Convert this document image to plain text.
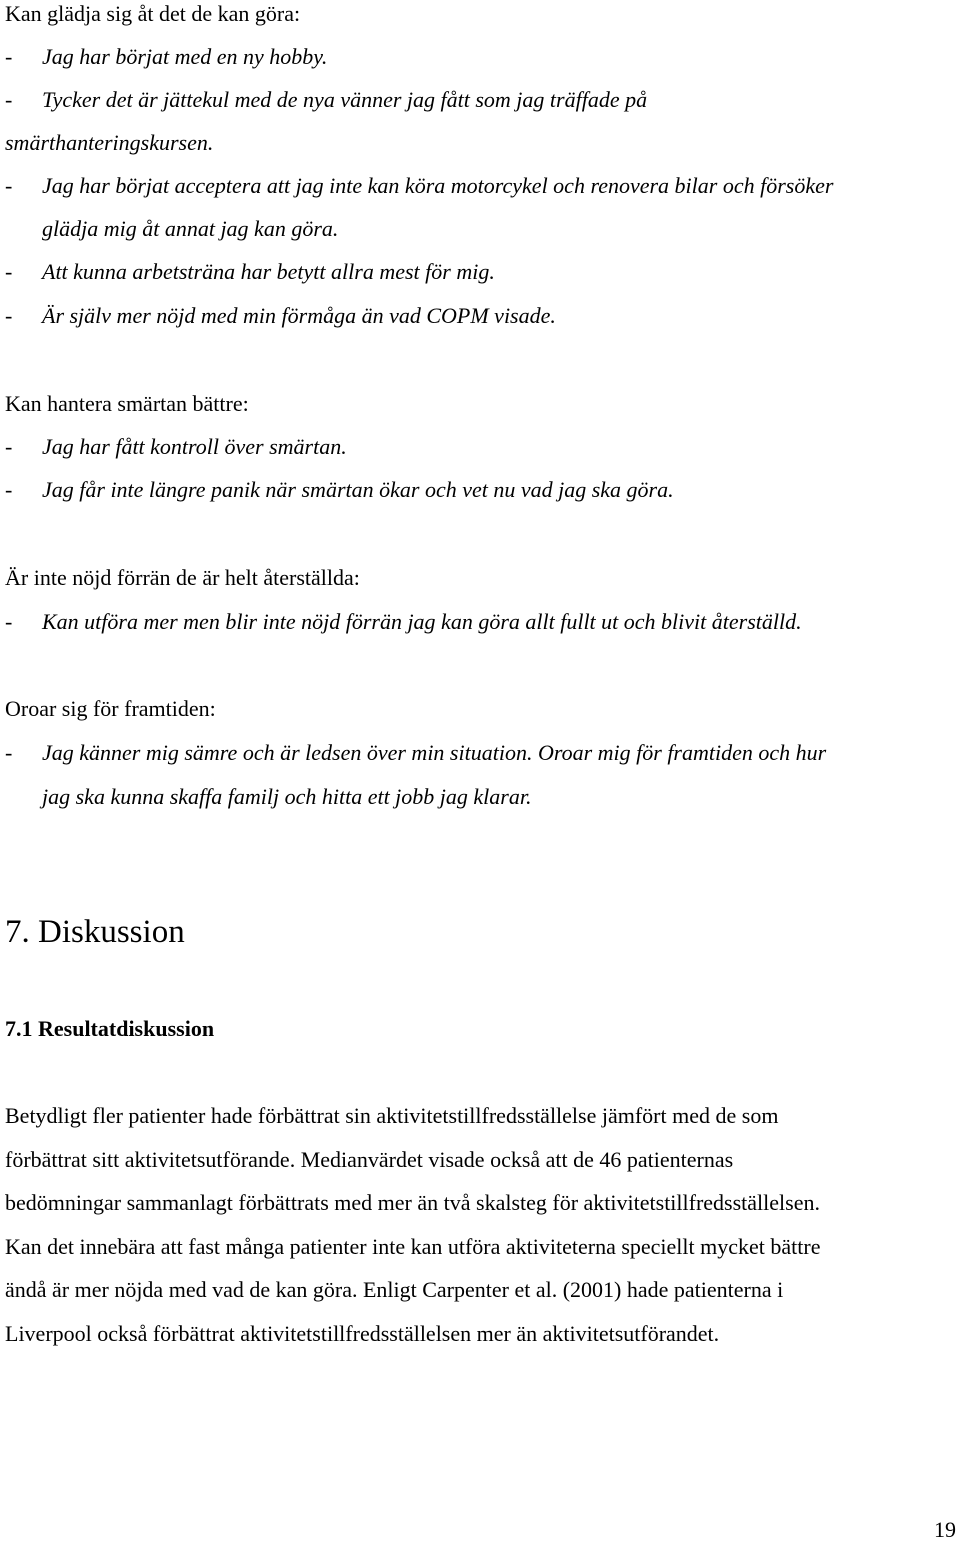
Kan glädja sig åt det de kan göra:

- Jag har börjat med en ny hobby.
- Tycker det är jättekul med de nya vänner jag fått som jag träffade på
smärthanteringskursen.
- Jag har börjat acceptera att jag inte kan köra motorcykel och renovera bilar och försöker
glädja mig åt annat jag kan göra.
- Att kunna arbetsträna har betytt allra mest för mig.
- Är själv mer nöjd med min förmåga än vad COPM visade.

Kan hantera smärtan bättre:

- Jag har fått kontroll över smärtan.
- Jag får inte längre panik när smärtan ökar och vet nu vad jag ska göra.

Är inte nöjd förrän de är helt återställda:

- Kan utföra mer men blir inte nöjd förrän jag kan göra allt fullt ut och blivit återställd.

Oroar sig för framtiden:

- Jag känner mig sämre och är ledsen över min situation. Oroar mig för framtiden och hur
jag ska kunna skaffa familj och hitta ett jobb jag klarar.
7. Diskussion
7.1 Resultatdiskussion

Betydligt fler patienter hade förbättrat sin aktivitetstillfredsställelse jämfört med de som

förbättrat sitt aktivitetsutförande. Medianvärdet visade också att de 46 patienternas

bedömningar sammanlagt förbättrats med mer än två skalsteg för aktivitetstillfredsställelsen.

Kan det innebära att fast många patienter inte kan utföra aktiviteterna speciellt mycket bättre

ändå är mer nöjda med vad de kan göra. Enligt Carpenter et al. (2001) hade patienterna i

Liverpool också förbättrat aktivitetstillfredsställelsen mer än aktivitetsutförandet.

19
